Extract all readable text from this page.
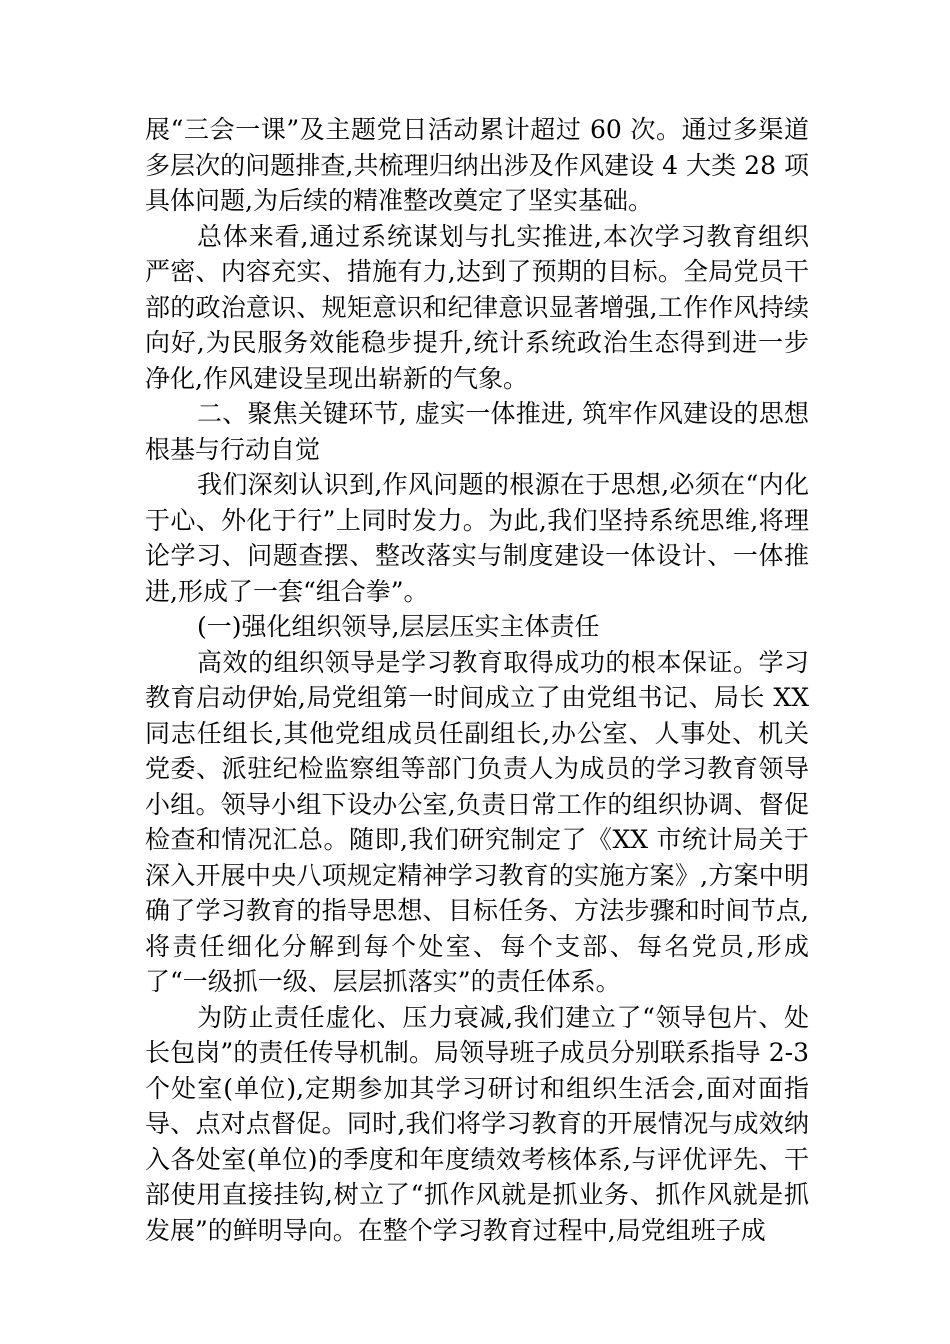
展“三会一课”及主题党日活动累计超过 60 次。通过多渠道多层次的问题排查,共梳理归纳出涉及作风建设 4 大类 28 项具体问题,为后续的精准整改奠定了坚实基础。

总体来看,通过系统谋划与扎实推进,本次学习教育组织严密、内容充实、措施有力,达到了预期的目标。全局党员干部的政治意识、规矩意识和纪律意识显著增强,工作作风持续向好,为民服务效能稳步提升,统计系统政治生态得到进一步净化,作风建设呈现出崭新的气象。

二、聚焦关键环节, 虚实一体推进, 筑牢作风建设的思想根基与行动自觉

我们深刻认识到,作风问题的根源在于思想,必须在“内化于心、外化于行”上同时发力。为此,我们坚持系统思维,将理论学习、问题查摆、整改落实与制度建设一体设计、一体推进,形成了一套“组合拳”。

(一)强化组织领导,层层压实主体责任

高效的组织领导是学习教育取得成功的根本保证。学习教育启动伊始,局党组第一时间成立了由党组书记、局长 XX 同志任组长,其他党组成员任副组长,办公室、人事处、机关党委、派驻纪检监察组等部门负责人为成员的学习教育领导小组。领导小组下设办公室,负责日常工作的组织协调、督促检查和情况汇总。随即,我们研究制定了《XX 市统计局关于深入开展中央八项规定精神学习教育的实施方案》,方案中明确了学习教育的指导思想、目标任务、方法步骤和时间节点,将责任细化分解到每个处室、每个支部、每名党员,形成了“一级抓一级、层层抓落实”的责任体系。

为防止责任虚化、压力衰减,我们建立了“领导包片、处长包岗”的责任传导机制。局领导班子成员分别联系指导 2-3 个处室(单位),定期参加其学习研讨和组织生活会,面对面指导、点对点督促。同时,我们将学习教育的开展情况与成效纳入各处室(单位)的季度和年度绩效考核体系,与评优评先、干部使用直接挂钩,树立了“抓作风就是抓业务、抓作风就是抓发展”的鲜明导向。在整个学习教育过程中,局党组班子成
